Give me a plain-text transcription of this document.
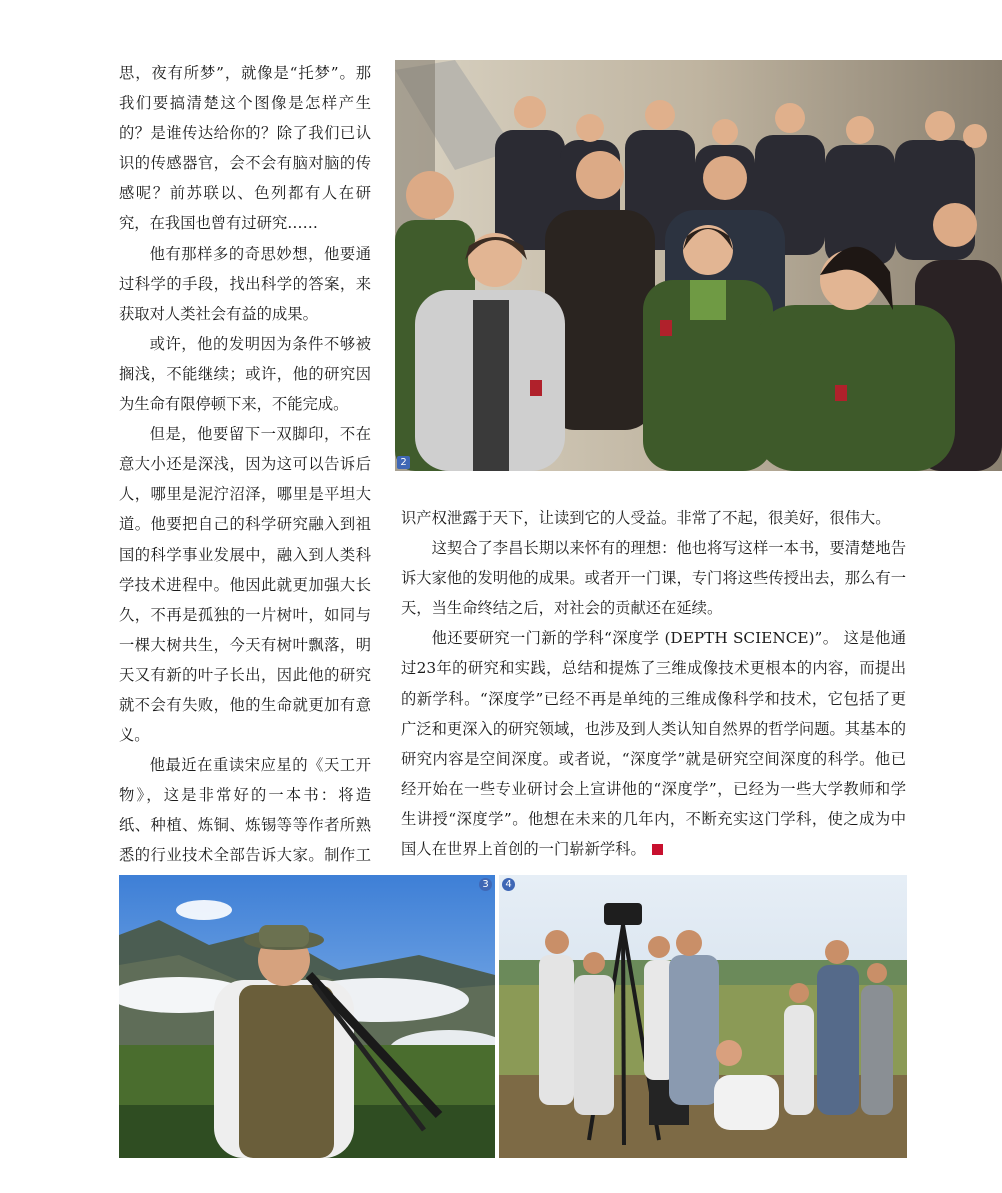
思，夜有所梦”，就像是“托梦”。那我们要搞清楚这个图像是怎样产生的？是谁传达给你的？除了我们已认识的传感器官，会不会有脑对脑的传感呢？前苏联以、色列都有人在研究，在我国也曾有过研究……

他有那样多的奇思妙想，他要通过科学的手段，找出科学的答案，来获取对人类社会有益的成果。

或许，他的发明因为条件不够被搁浅，不能继续；或许，他的研究因为生命有限停顿下来，不能完成。

但是，他要留下一双脚印，不在意大小还是深浅，因为这可以告诉后人，哪里是泥泞沼泽，哪里是平坦大道。他要把自己的科学研究融入到祖国的科学事业发展中，融入到人类科学技术进程中。他因此就更加强大长久，不再是孤独的一片树叶，如同与一棵大树共生，今天有树叶飘落，明天又有新的叶子长出，因此他的研究就不会有失败，他的生命就更加有意义。

他最近在重读宋应星的《天工开物》，这是非常好的一本书：将造纸、种植、炼铜、炼锡等等作者所熟悉的行业技术全部告诉大家。制作工

2

识产权泄露于天下，让读到它的人受益。非常了不起，很美好，很伟大。

这契合了李昌长期以来怀有的理想：他也将写这样一本书，要清楚地告诉大家他的发明他的成果。或者开一门课，专门将这些传授出去，那么有一天，当生命终结之后，对社会的贡献还在延续。

他还要研究一门新的学科“深度学 (DEPTH SCIENCE)”。 这是他通过23年的研究和实践，总结和提炼了三维成像技术更根本的内容，而提出的新学科。“深度学”已经不再是单纯的三维成像科学和技术，它包括了更广泛和更深入的研究领域，也涉及到人类认知自然界的哲学问题。其基本的研究内容是空间深度。或者说，“深度学”就是研究空间深度的科学。他已经开始在一些专业研讨会上宣讲他的“深度学”，已经为一些大学教师和学生讲授“深度学”。他想在未来的几年内，不断充实这门学科，使之成为中国人在世界上首创的一门崭新学科。

3	4
